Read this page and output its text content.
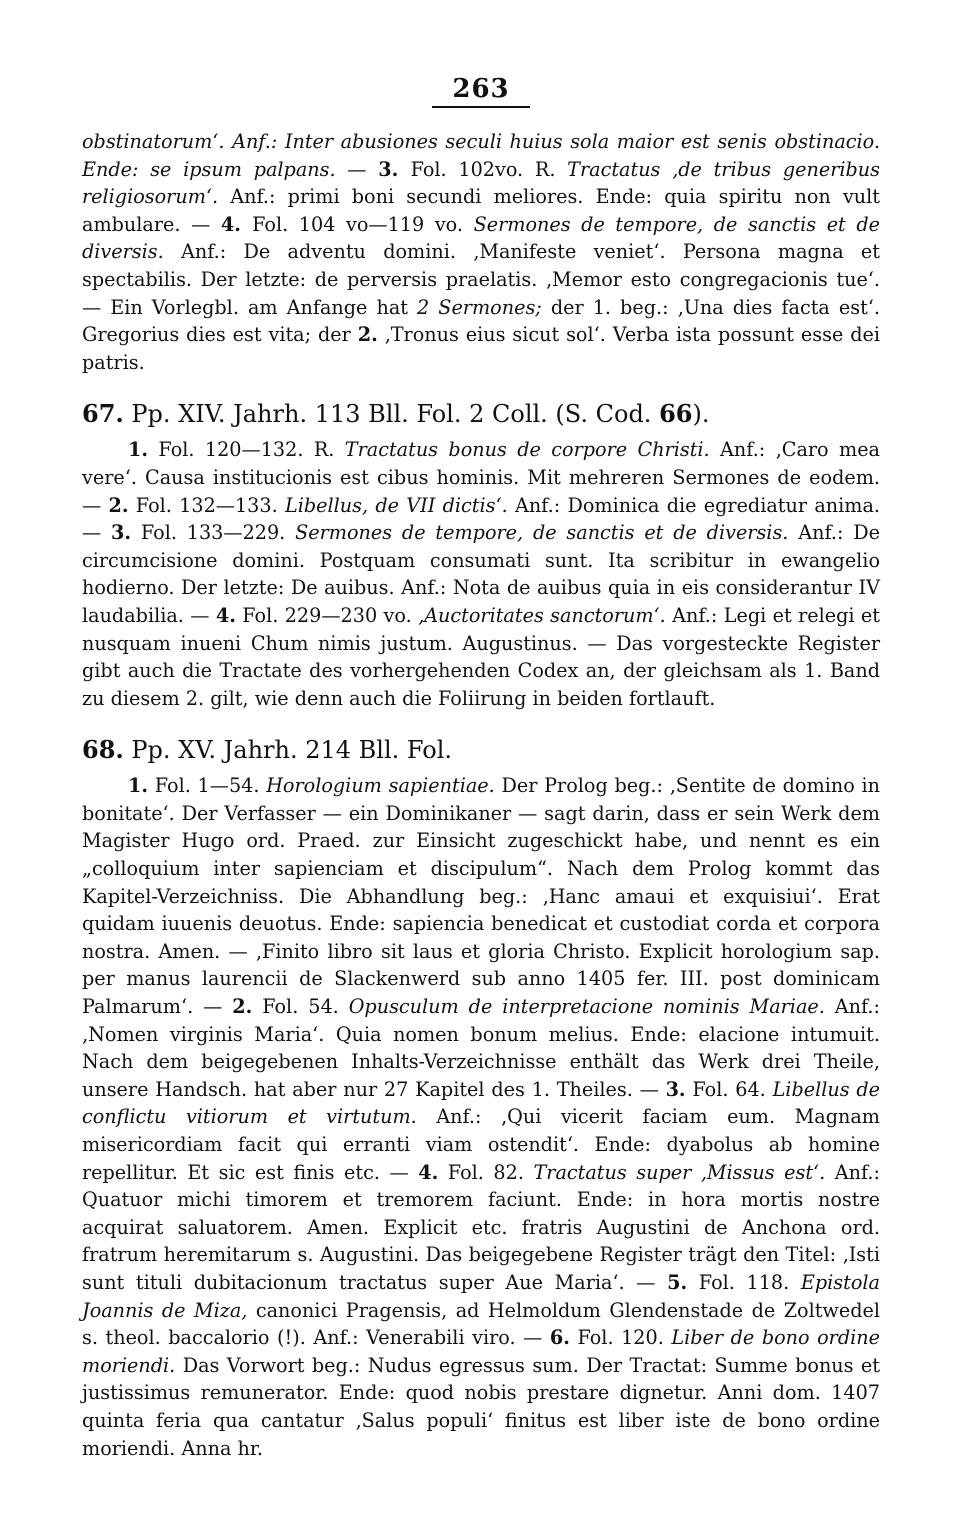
263

obstinatorum‘. Anf.: Inter abusiones seculi huius sola maior est senis obstinacio. Ende: se ipsum palpans. — 3. Fol. 102vo. R. Tractatus ‚de tribus generibus religiosorum‘. Anf.: primi boni secundi meliores. Ende: quia spiritu non vult ambulare. — 4. Fol. 104 vo—119 vo. Sermones de tempore, de sanctis et de diversis. Anf.: De adventu domini. ‚Manifeste veniet‘. Persona magna et spectabilis. Der letzte: de perversis praelatis. ‚Memor esto congregacionis tue‘. — Ein Vorlegbl. am Anfange hat 2 Sermones; der 1. beg.: ‚Una dies facta est‘. Gregorius dies est vita; der 2. ‚Tronus eius sicut sol‘. Verba ista possunt esse dei patris.

67. Pp. XIV. Jahrh. 113 Bll. Fol. 2 Coll. (S. Cod. 66).

1. Fol. 120—132. R. Tractatus bonus de corpore Christi. Anf.: ‚Caro mea vere‘. Causa institucionis est cibus hominis. Mit mehreren Sermones de eodem. — 2. Fol. 132—133. Libellus, de VII dictis‘. Anf.: Dominica die egrediatur anima. — 3. Fol. 133—229. Sermones de tempore, de sanctis et de diversis. Anf.: De circumcisione domini. Postquam consumati sunt. Ita scribitur in ewangelio hodierno. Der letzte: De auibus. Anf.: Nota de auibus quia in eis considerantur IV laudabilia. — 4. Fol. 229—230 vo. ‚Auctoritates sanctorum‘. Anf.: Legi et relegi et nusquam inueni Chum nimis justum. Augustinus. — Das vorgesteckte Register gibt auch die Tractate des vorhergehenden Codex an, der gleichsam als 1. Band zu diesem 2. gilt, wie denn auch die Foliirung in beiden fortlauft.

68. Pp. XV. Jahrh. 214 Bll. Fol.

1. Fol. 1—54. Horologium sapientiae. Der Prolog beg.: ‚Sentite de domino in bonitate‘. Der Verfasser — ein Dominikaner — sagt darin, dass er sein Werk dem Magister Hugo ord. Praed. zur Einsicht zugeschickt habe, und nennt es ein „colloquium inter sapienciam et discipulum“. Nach dem Prolog kommt das Kapitel-Verzeichniss. Die Abhandlung beg.: ‚Hanc amaui et exquisiui‘. Erat quidam iuuenis deuotus. Ende: sapiencia benedicat et custodiat corda et corpora nostra. Amen. — ‚Finito libro sit laus et gloria Christo. Explicit horologium sap. per manus laurencii de Slackenwerd sub anno 1405 fer. III. post dominicam Palmarum‘. — 2. Fol. 54. Opusculum de interpretacione nominis Mariae. Anf.: ‚Nomen virginis Maria‘. Quia nomen bonum melius. Ende: elacione intumuit. Nach dem beigegebenen Inhalts-Verzeichnisse enthält das Werk drei Theile, unsere Handsch. hat aber nur 27 Kapitel des 1. Theiles. — 3. Fol. 64. Libellus de conflictu vitiorum et virtutum. Anf.: ‚Qui vicerit faciam eum. Magnam misericordiam facit qui erranti viam ostendit‘. Ende: dyabolus ab homine repellitur. Et sic est finis etc. — 4. Fol. 82. Tractatus super ‚Missus est‘. Anf.: Quatuor michi timorem et tremorem faciunt. Ende: in hora mortis nostre acquirat saluatorem. Amen. Explicit etc. fratris Augustini de Anchona ord. fratrum heremitarum s. Augustini. Das beigegebene Register trägt den Titel: ‚Isti sunt tituli dubitacionum tractatus super Aue Maria‘. — 5. Fol. 118. Epistola Joannis de Miza, canonici Pragensis, ad Helmoldum Glendenstade de Zoltwedel s. theol. baccalorio (!). Anf.: Venerabili viro. — 6. Fol. 120. Liber de bono ordine moriendi. Das Vorwort beg.: Nudus egressus sum. Der Tractat: Summe bonus et justissimus remunerator. Ende: quod nobis prestare dignetur. Anni dom. 1407 quinta feria qua cantatur ‚Salus populi‘ finitus est liber iste de bono ordine moriendi. Anna hr.
